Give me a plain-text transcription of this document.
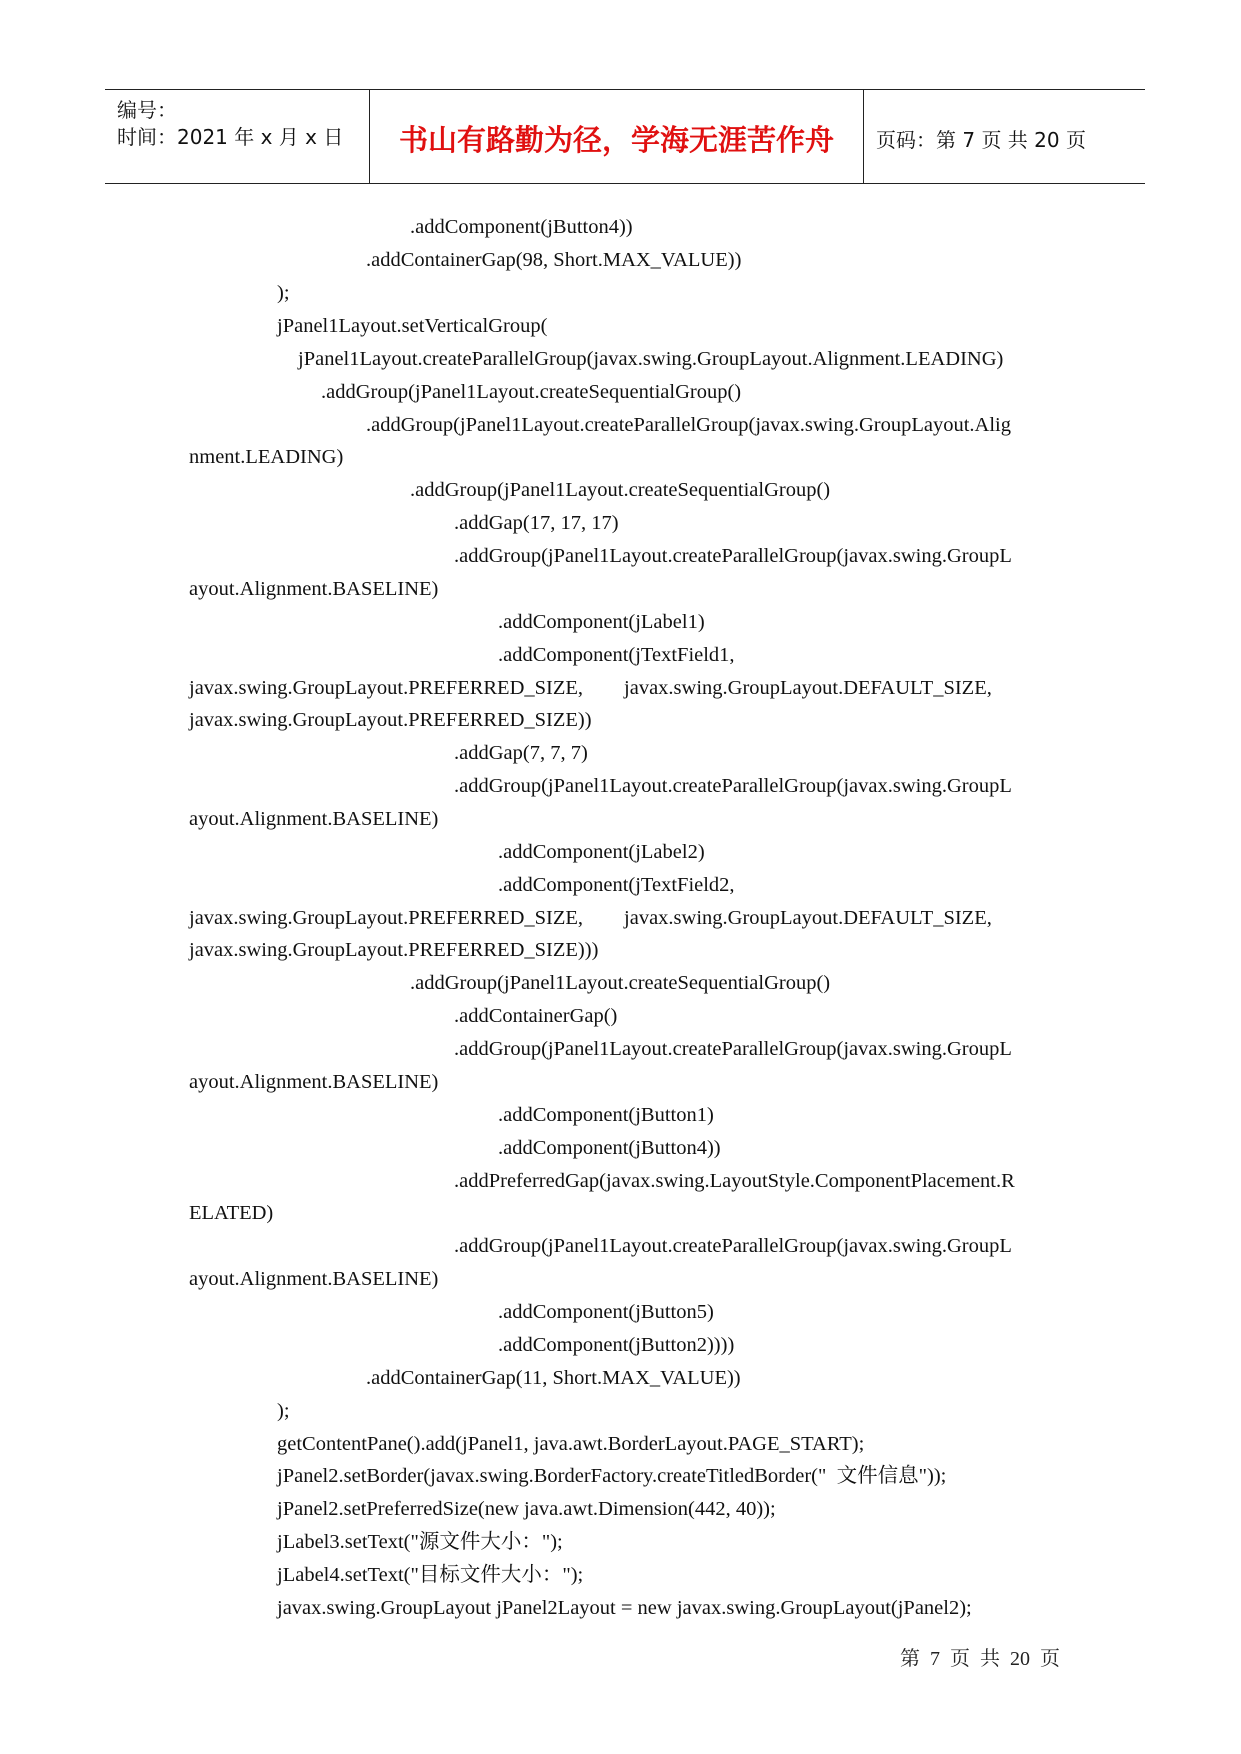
编号：
时间：2021 年 x 月 x 日	书山有路勤为径，学海无涯苦作舟	页码：第 7 页 共 20 页
.addComponent(jButton4))
.addContainerGap(98, Short.MAX_VALUE))
);
jPanel1Layout.setVerticalGroup(
jPanel1Layout.createParallelGroup(javax.swing.GroupLayout.Alignment.LEADING)
.addGroup(jPanel1Layout.createSequentialGroup()
.addGroup(jPanel1Layout.createParallelGroup(javax.swing.GroupLayout.Alig
nment.LEADING)
.addGroup(jPanel1Layout.createSequentialGroup()
.addGap(17, 17, 17)
.addGroup(jPanel1Layout.createParallelGroup(javax.swing.GroupL
ayout.Alignment.BASELINE)
.addComponent(jLabel1)
.addComponent(jTextField1,
javax.swing.GroupLayout.PREFERRED_SIZE,        javax.swing.GroupLayout.DEFAULT_SIZE,
javax.swing.GroupLayout.PREFERRED_SIZE))
.addGap(7, 7, 7)
.addGroup(jPanel1Layout.createParallelGroup(javax.swing.GroupL
ayout.Alignment.BASELINE)
.addComponent(jLabel2)
.addComponent(jTextField2,
javax.swing.GroupLayout.PREFERRED_SIZE,        javax.swing.GroupLayout.DEFAULT_SIZE,
javax.swing.GroupLayout.PREFERRED_SIZE)))
.addGroup(jPanel1Layout.createSequentialGroup()
.addContainerGap()
.addGroup(jPanel1Layout.createParallelGroup(javax.swing.GroupL
ayout.Alignment.BASELINE)
.addComponent(jButton1)
.addComponent(jButton4))
.addPreferredGap(javax.swing.LayoutStyle.ComponentPlacement.R
ELATED)
.addGroup(jPanel1Layout.createParallelGroup(javax.swing.GroupL
ayout.Alignment.BASELINE)
.addComponent(jButton5)
.addComponent(jButton2))))
.addContainerGap(11, Short.MAX_VALUE))
);
getContentPane().add(jPanel1, java.awt.BorderLayout.PAGE_START);
jPanel2.setBorder(javax.swing.BorderFactory.createTitledBorder("  文件信息"));
jPanel2.setPreferredSize(new java.awt.Dimension(442, 40));
jLabel3.setText("源文件大小：");
jLabel4.setText("目标文件大小：");
javax.swing.GroupLayout jPanel2Layout = new javax.swing.GroupLayout(jPanel2);
第  7  页  共  20  页
